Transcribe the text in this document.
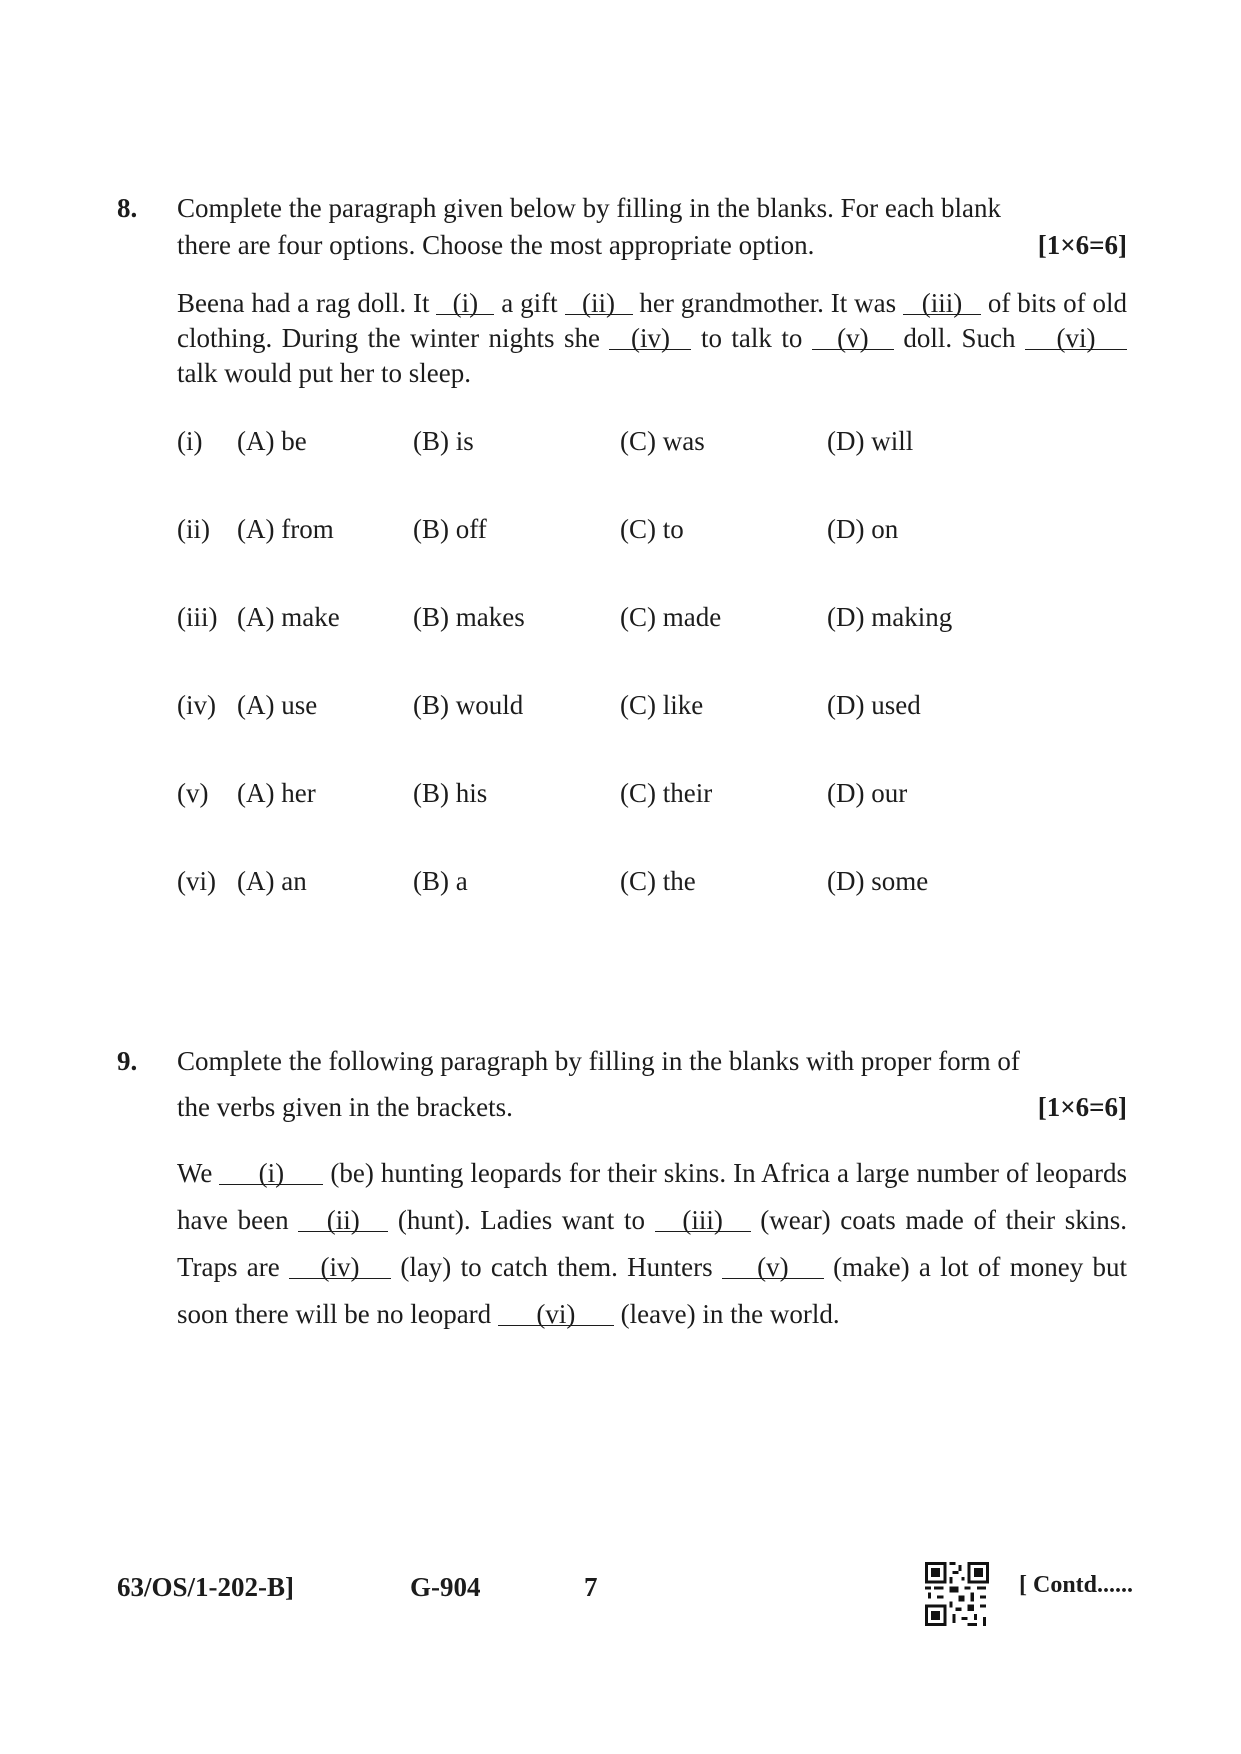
8.	Complete the paragraph given below by filling in the blanks. For each blank
there are four options. Choose the most appropriate option.	[1×6=6]
Beena had a rag doll. It (i) a gift (ii) her grandmother. It was (iii) of bits of old clothing. During the winter nights she (iv) to talk to (v) doll. Such (vi) talk would put her to sleep.
(i) (A) be	(B) is	(C) was	(D) will
(ii) (A) from	(B) off	(C) to	(D) on
(iii) (A) make	(B) makes	(C) made	(D) making
(iv) (A) use	(B) would	(C) like	(D) used
(v) (A) her	(B) his	(C) their	(D) our
(vi) (A) an	(B) a	(C) the	(D) some
9.	Complete the following paragraph by filling in the blanks with proper form of
the verbs given in the brackets.	[1×6=6]
We (i) (be) hunting leopards for their skins. In Africa a large number of leopards have been (ii) (hunt). Ladies want to (iii) (wear) coats made of their skins. Traps are (iv) (lay) to catch them. Hunters (v) (make) a lot of money but soon there will be no leopard (vi) (leave) in the world.
63/OS/1-202-B]	G-904	7	[ Contd......
